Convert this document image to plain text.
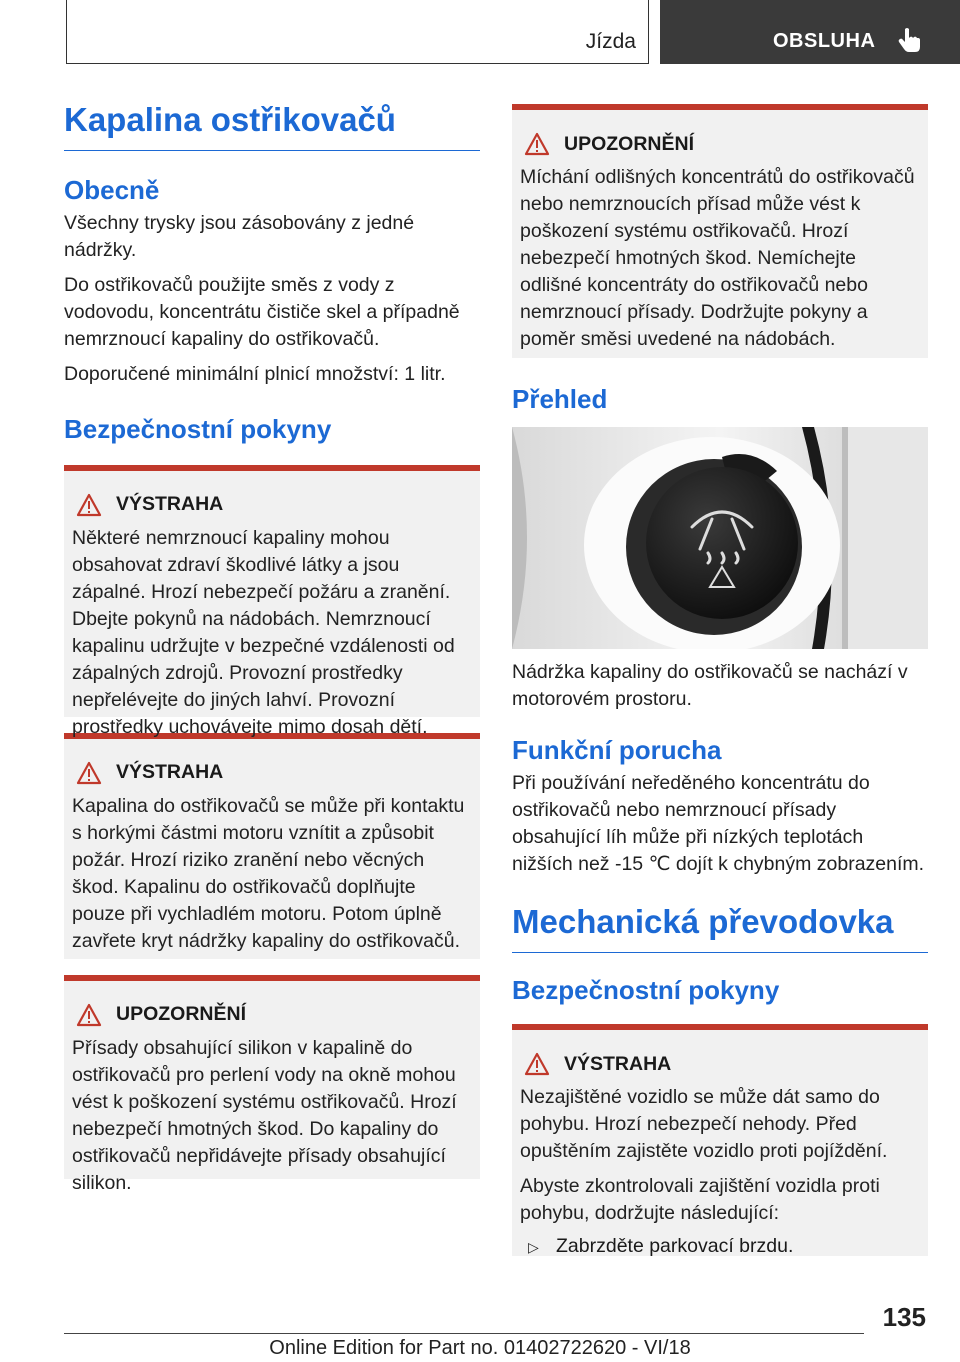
Jízda	OBSLUHA
Kapalina ostřikovačů
Obecně

Všechny trysky jsou zásobovány z jedné nádržky.

Do ostřikovačů použijte směs z vody z vodovodu, koncentrátu čističe skel a případně nemrznoucí kapaliny do ostřikovačů.

Doporučené minimální plnicí množství: 1 litr.

Bezpečnostní pokyny
VÝSTRAHA

Některé nemrznoucí kapaliny mohou obsahovat zdraví škodlivé látky a jsou zápalné. Hrozí nebezpečí požáru a zranění. Dbejte pokynů na nádobách. Nemrznoucí kapalinu udržujte v bezpečné vzdálenosti od zápalných zdrojů. Provozní prostředky nepřelévejte do jiných lahví. Provozní prostředky uchovávejte mimo dosah dětí.

VÝSTRAHA

Kapalina do ostřikovačů se může při kontaktu s horkými částmi motoru vznítit a způsobit požár. Hrozí riziko zranění nebo věcných škod. Kapalinu do ostřikovačů doplňujte pouze při vychladlém motoru. Potom úplně zavřete kryt nádržky kapaliny do ostřikovačů.

UPOZORNĚNÍ

Přísady obsahující silikon v kapalině do ostřikovačů pro perlení vody na okně mohou vést k poškození systému ostřikovačů. Hrozí nebezpečí hmotných škod. Do kapaliny do ostřikovačů nepřidávejte přísady obsahující silikon.

UPOZORNĚNÍ

Míchání odlišných koncentrátů do ostřikovačů nebo nemrznoucích přísad může vést k poškození systému ostřikovačů. Hrozí nebezpečí hmotných škod. Nemíchejte odlišné koncentráty do ostřikovačů nebo nemrznoucí přísady. Dodržujte pokyny a poměr směsi uvedené na nádobách.

Přehled

Nádržka kapaliny do ostřikovačů se nachází v motorovém prostoru.

Funkční porucha

Při používání neředěného koncentrátu do ostřikovačů nebo nemrznoucí přísady obsahující líh může při nízkých teplotách nižších než -15 ℃ dojít k chybným zobrazením.

Mechanická převodovka
Bezpečnostní pokyny
VÝSTRAHA

Nezajištěné vozidlo se může dát samo do pohybu. Hrozí nebezpečí nehody. Před opuštěním zajistěte vozidlo proti pojíždění.

Abyste zkontrolovali zajištění vozidla proti pohybu, dodržujte následující:

▷ Zabrzděte parkovací brzdu.
135
Online Edition for Part no. 01402722620 - VI/18
